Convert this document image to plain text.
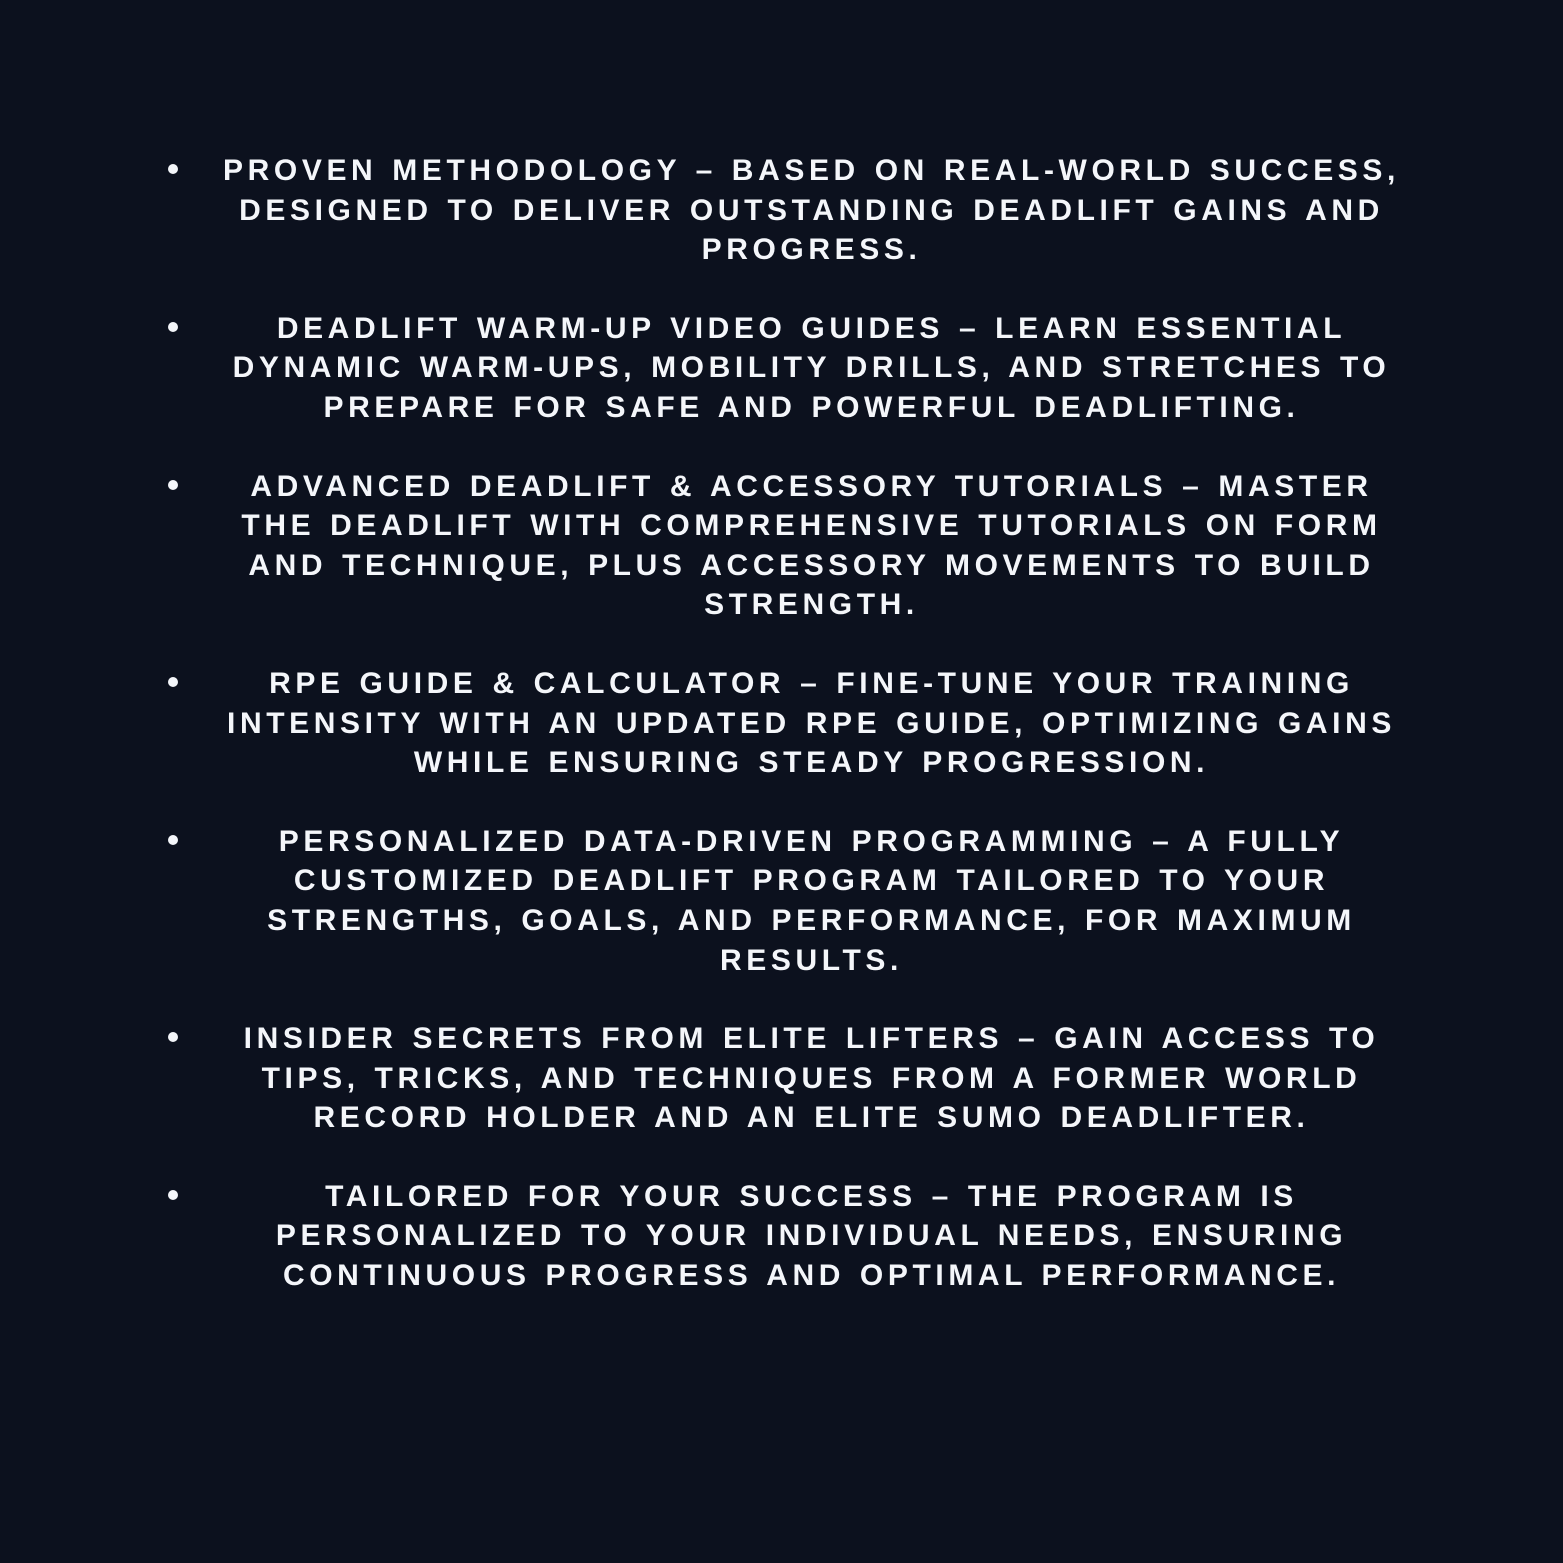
PROVEN METHODOLOGY – BASED ON REAL-WORLD SUCCESS, DESIGNED TO DELIVER OUTSTANDING DEADLIFT GAINS AND PROGRESS.
DEADLIFT WARM-UP VIDEO GUIDES – LEARN ESSENTIAL DYNAMIC WARM-UPS, MOBILITY DRILLS, AND STRETCHES TO PREPARE FOR SAFE AND POWERFUL DEADLIFTING.
ADVANCED DEADLIFT & ACCESSORY TUTORIALS – MASTER THE DEADLIFT WITH COMPREHENSIVE TUTORIALS ON FORM AND TECHNIQUE, PLUS ACCESSORY MOVEMENTS TO BUILD STRENGTH.
RPE GUIDE & CALCULATOR – FINE-TUNE YOUR TRAINING INTENSITY WITH AN UPDATED RPE GUIDE, OPTIMIZING GAINS WHILE ENSURING STEADY PROGRESSION.
PERSONALIZED DATA-DRIVEN PROGRAMMING – A FULLY CUSTOMIZED DEADLIFT PROGRAM TAILORED TO YOUR STRENGTHS, GOALS, AND PERFORMANCE, FOR MAXIMUM RESULTS.
INSIDER SECRETS FROM ELITE LIFTERS – GAIN ACCESS TO TIPS, TRICKS, AND TECHNIQUES FROM A FORMER WORLD RECORD HOLDER AND AN ELITE SUMO DEADLIFTER.
TAILORED FOR YOUR SUCCESS – THE PROGRAM IS PERSONALIZED TO YOUR INDIVIDUAL NEEDS, ENSURING CONTINUOUS PROGRESS AND OPTIMAL PERFORMANCE.
